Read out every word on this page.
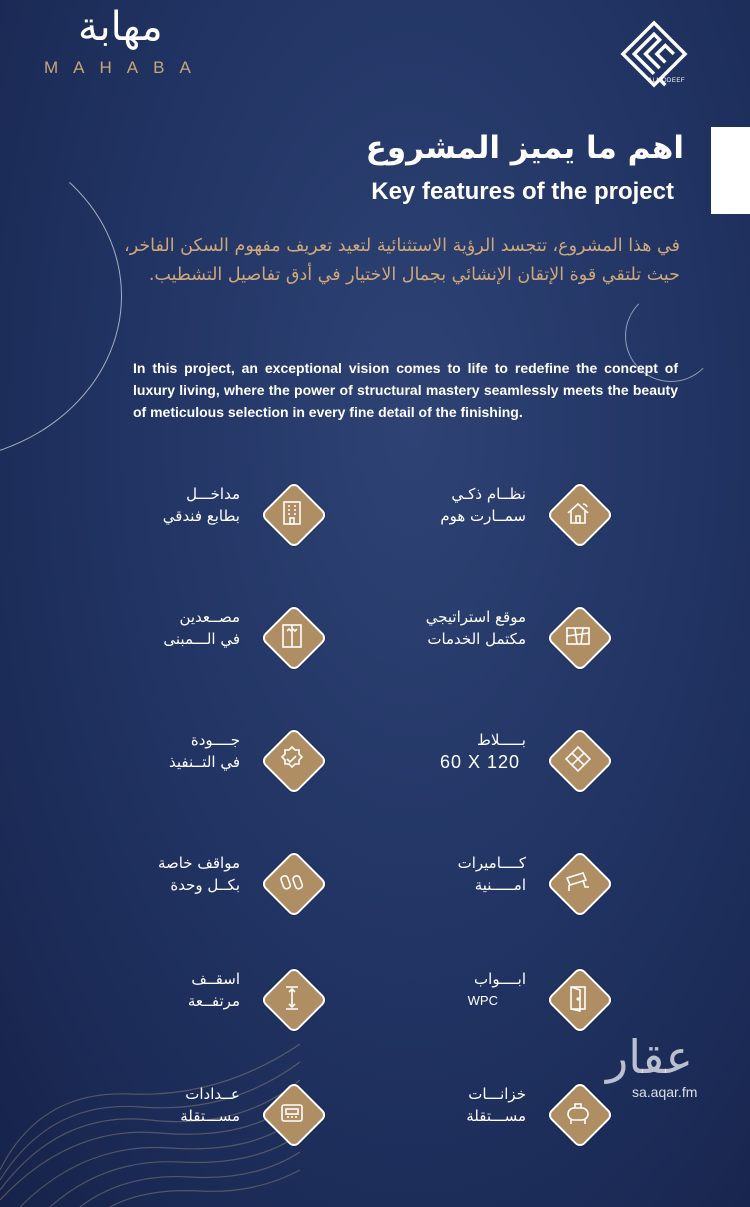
مهابة
MAHABA
ALMODEEF
اهم ما يميز المشروع
Key features of the project
في هذا المشروع، تتجسد الرؤية الاستثنائية لتعيد تعريف مفهوم السكن الفاخر، حيث تلتقي قوة الإتقان الإنشائي بجمال الاختيار في أدق تفاصيل التشطيب.
In this project, an exceptional vision comes to life to redefine the concept of luxury living, where the power of structural mastery seamlessly meets the beauty of meticulous selection in every fine detail of the finishing.
نظــام ذكـي
سمــارت هوم
موقع استراتيجي
مكتمل الخدمات
بـــــلاط
60 X 120
كــــاميرات
امـــــنية
ابــــواب
WPC
خزانـــات
مســـتقلة
مداخـــل
بطابع فندقي
مصــعدين
في الـــمبنى
جــــودة
في التــنفيذ
مواقف خاصة
بكــل وحدة
اسقــف
مرتفــعة
عــدادات
مســـتقلة
عقار
sa.aqar.fm
